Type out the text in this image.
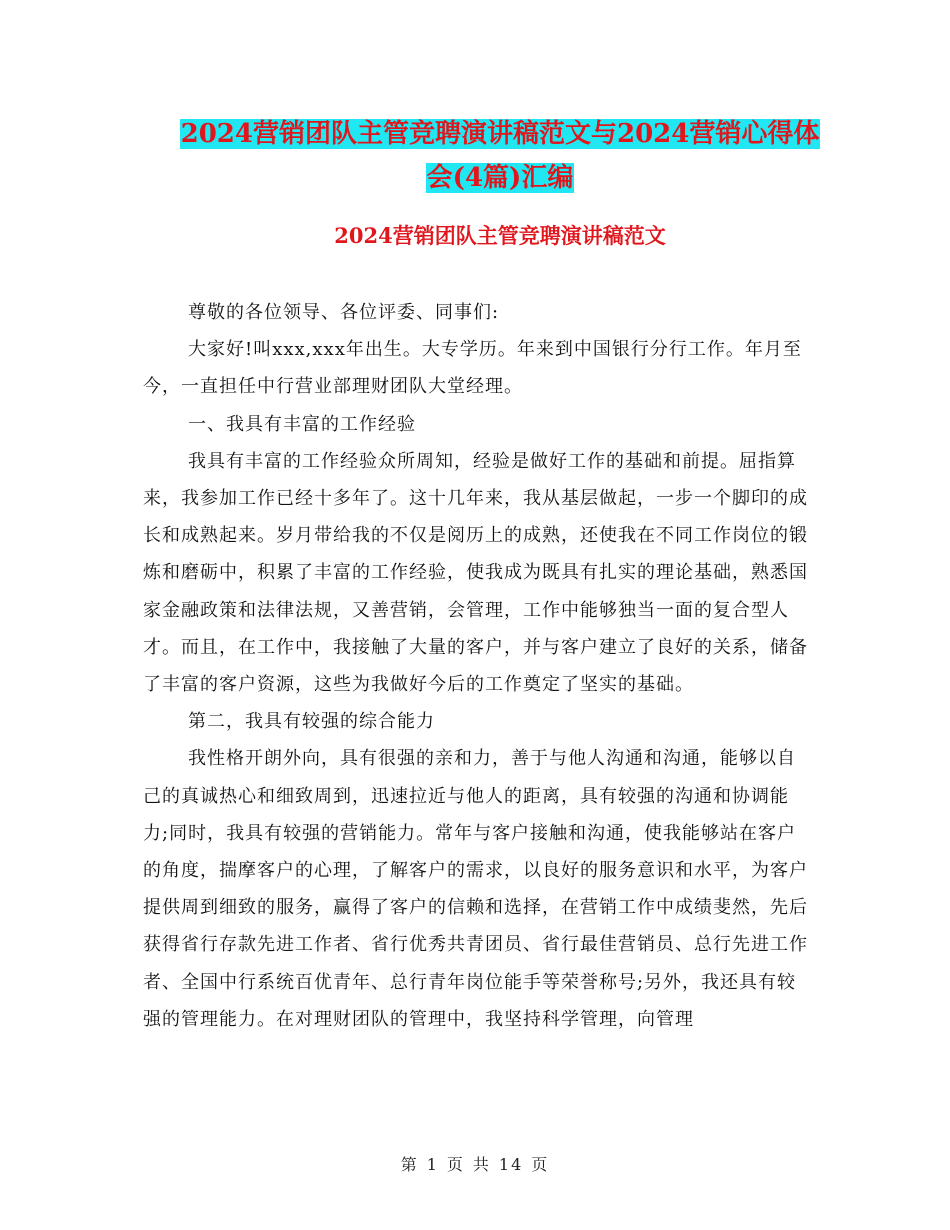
2024营销团队主管竞聘演讲稿范文与2024营销心得体
会(4篇)汇编
2024营销团队主管竞聘演讲稿范文

尊敬的各位领导、各位评委、同事们:

大家好!叫xxx,xxx年出生。大专学历。年来到中国银行分行工作。年月至今，一直担任中行营业部理财团队大堂经理。

一、我具有丰富的工作经验

我具有丰富的工作经验众所周知，经验是做好工作的基础和前提。屈指算来，我参加工作已经十多年了。这十几年来，我从基层做起，一步一个脚印的成长和成熟起来。岁月带给我的不仅是阅历上的成熟，还使我在不同工作岗位的锻炼和磨砺中，积累了丰富的工作经验，使我成为既具有扎实的理论基础，熟悉国家金融政策和法律法规，又善营销，会管理，工作中能够独当一面的复合型人才。而且，在工作中，我接触了大量的客户，并与客户建立了良好的关系，储备了丰富的客户资源，这些为我做好今后的工作奠定了坚实的基础。

第二，我具有较强的综合能力

我性格开朗外向，具有很强的亲和力，善于与他人沟通和沟通，能够以自己的真诚热心和细致周到，迅速拉近与他人的距离，具有较强的沟通和协调能力;同时，我具有较强的营销能力。常年与客户接触和沟通，使我能够站在客户的角度，揣摩客户的心理，了解客户的需求，以良好的服务意识和水平，为客户提供周到细致的服务，赢得了客户的信赖和选择，在营销工作中成绩斐然，先后获得省行存款先进工作者、省行优秀共青团员、省行最佳营销员、总行先进工作者、全国中行系统百优青年、总行青年岗位能手等荣誉称号;另外，我还具有较强的管理能力。在对理财团队的管理中，我坚持科学管理，向管理

第 1 页 共 14 页
